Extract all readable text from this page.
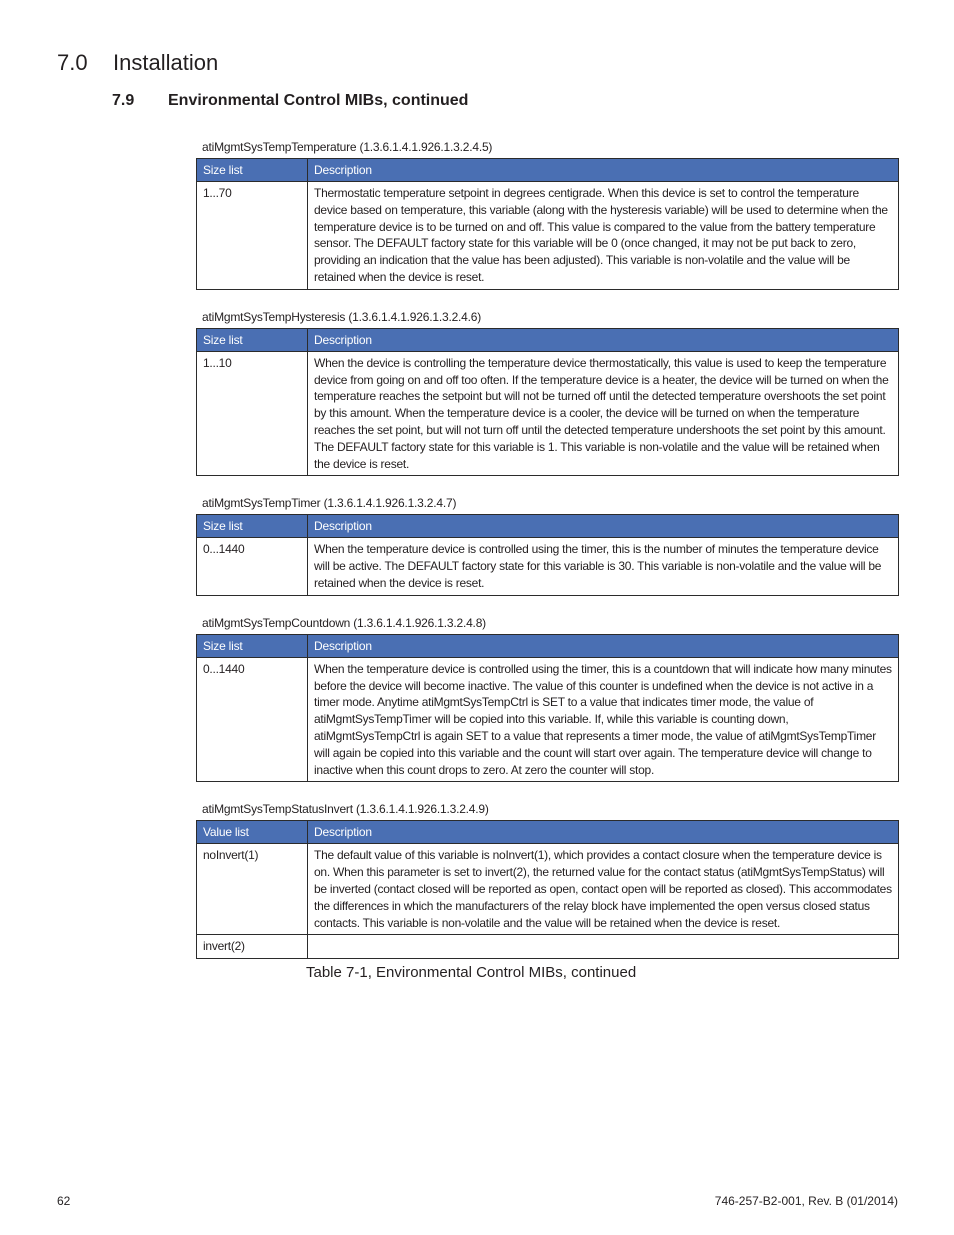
7.0 Installation
7.9 Environmental Control MIBs, continued
atiMgmtSysTempTemperature (1.3.6.1.4.1.926.1.3.2.4.5)
Size list	Description
1...70	Thermostatic temperature setpoint in degrees centigrade. When this device is set to control the temperature device based on temperature, this variable (along with the hysteresis variable) will be used to determine when the temperature device is to be turned on and off. This value is compared to the value from the battery temperature sensor. The DEFAULT factory state for this variable will be 0 (once changed, it may not be put back to zero, providing an indication that the value has been adjusted). This variable is non-volatile and the value will be retained when the device is reset.
atiMgmtSysTempHysteresis (1.3.6.1.4.1.926.1.3.2.4.6)
Size list	Description
1...10	When the device is controlling the temperature device thermostatically, this value is used to keep the temperature device from going on and off too often. If the temperature device is a heater, the device will be turned on when the temperature reaches the setpoint but will not be turned off until the detected temperature overshoots the set point by this amount. When the temperature device is a cooler, the device will be turned on when the temperature reaches the set point, but will not turn off until the detected temperature undershoots the set point by this amount. The DEFAULT factory state for this variable is 1. This variable is non-volatile and the value will be retained when the device is reset.
atiMgmtSysTempTimer (1.3.6.1.4.1.926.1.3.2.4.7)
Size list	Description
0...1440	When the temperature device is controlled using the timer, this is the number of minutes the temperature device will be active. The DEFAULT factory state for this variable is 30. This variable is non-volatile and the value will be retained when the device is reset.
atiMgmtSysTempCountdown (1.3.6.1.4.1.926.1.3.2.4.8)
Size list	Description
0...1440	When the temperature device is controlled using the timer, this is a countdown that will indicate how many minutes before the device will become inactive. The value of this counter is undefined when the device is not active in a timer mode. Anytime atiMgmtSysTempCtrl is SET to a value that indicates timer mode, the value of atiMgmtSysTempTimer will be copied into this variable. If, while this variable is counting down, atiMgmtSysTempCtrl is again SET to a value that represents a timer mode, the value of atiMgmtSysTempTimer will again be copied into this variable and the count will start over again. The temperature device will change to inactive when this count drops to zero. At zero the counter will stop.
atiMgmtSysTempStatusInvert (1.3.6.1.4.1.926.1.3.2.4.9)
Value list	Description
noInvert(1)	The default value of this variable is noInvert(1), which provides a contact closure when the temperature device is on. When this parameter is set to invert(2), the returned value for the contact status (atiMgmtSysTempStatus) will be inverted (contact closed will be reported as open, contact open will be reported as closed). This accommodates the differences in which the manufacturers of the relay block have implemented the open versus closed status contacts. This variable is non-volatile and the value will be retained when the device is reset.
invert(2)	

Table 7-1, Environmental Control MIBs, continued

62	746-257-B2-001, Rev. B (01/2014)
